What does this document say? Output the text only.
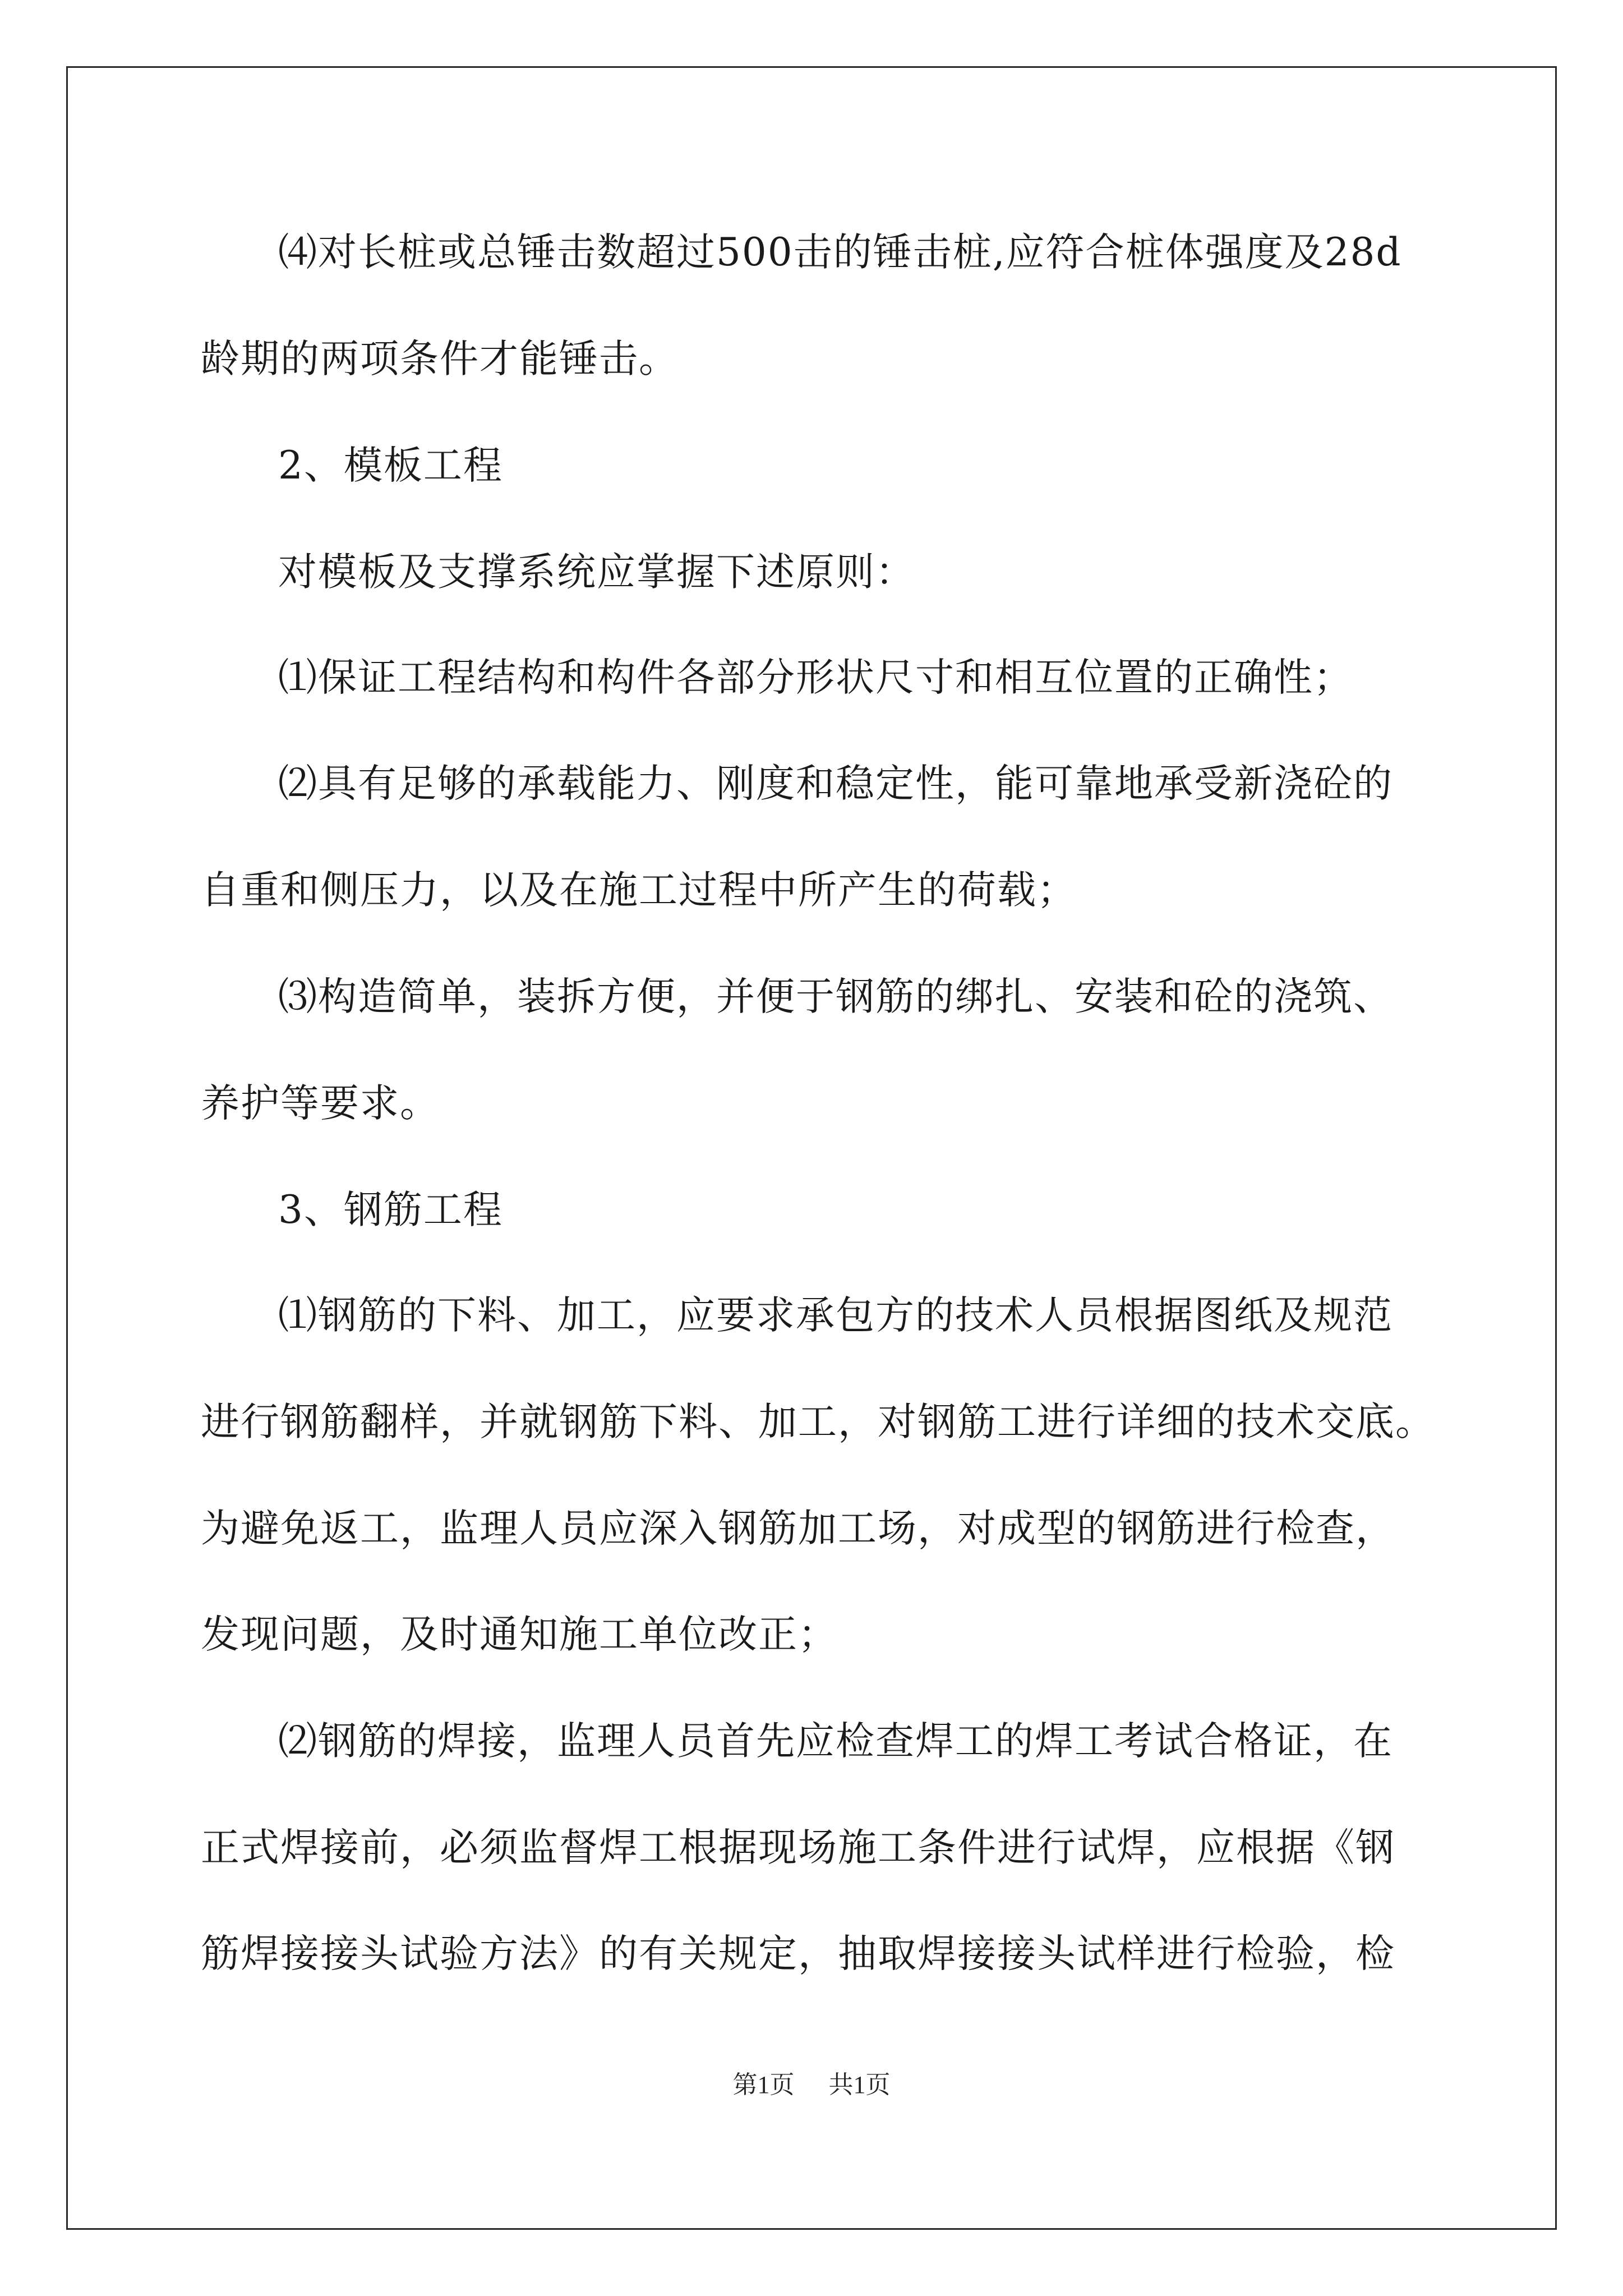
⑷对长桩或总锤击数超过500击的锤击桩,应符合桩体强度及28d
龄期的两项条件才能锤击。
2、模板工程
对模板及支撑系统应掌握下述原则：
⑴保证工程结构和构件各部分形状尺寸和相互位置的正确性；
⑵具有足够的承载能力、刚度和稳定性，能可靠地承受新浇砼的
自重和侧压力，以及在施工过程中所产生的荷载；
⑶构造简单，装拆方便，并便于钢筋的绑扎、安装和砼的浇筑、
养护等要求。
3、钢筋工程
⑴钢筋的下料、加工，应要求承包方的技术人员根据图纸及规范
进行钢筋翻样，并就钢筋下料、加工，对钢筋工进行详细的技术交底。
为避免返工，监理人员应深入钢筋加工场，对成型的钢筋进行检查，
发现问题，及时通知施工单位改正；
⑵钢筋的焊接，监理人员首先应检查焊工的焊工考试合格证，在
正式焊接前，必须监督焊工根据现场施工条件进行试焊，应根据《钢
筋焊接接头试验方法》的有关规定，抽取焊接接头试样进行检验，检
第1页 共1页
